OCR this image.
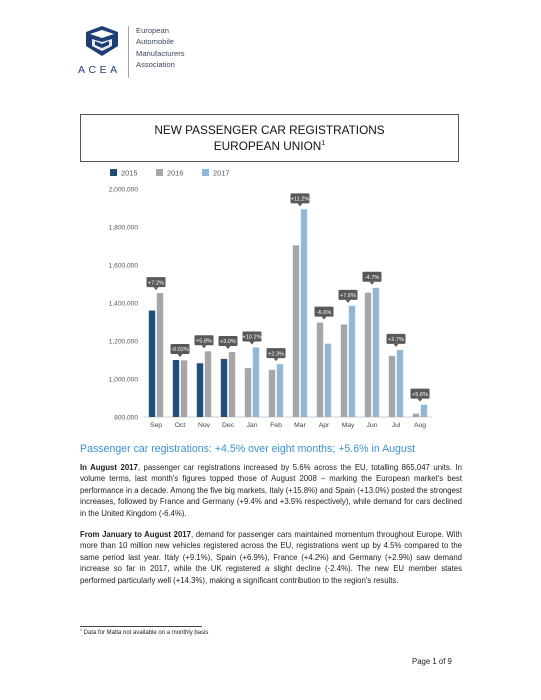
ACEA
European
Automobile
Manufacturers
Association
NEW PASSENGER CAR REGISTRATIONS
EUROPEAN UNION$^1$
2015	2016	2017
800,000
1,000,000
1,200,000
1,400,000
1,600,000
1,800,000
2,000,000
Sep
+7.2%
Oct
-0.02%
Nov
+5.8%
Dec
+3.0%
Jan
+10.2%
Feb
+2.3%
Mar
+11.2%
Apr
-6.6%
May
+7.6%
Jun
-4.7%
Jul
+2.7%
Aug
+5.6%
Passenger car registrations: +4.5% over eight months; +5.6% in August

In August 2017, passenger car registrations increased by 5.6% across the EU, totalling 865,047 units. In volume terms, last month's figures topped those of August 2008 – marking the European market's best performance in a decade. Among the five big markets, Italy (+15.8%) and Spain (+13.0%) posted the strongest increases, followed by France and Germany (+9.4% and +3.5% respectively), while demand for cars declined in the United Kingdom (-6.4%).

From January to August 2017, demand for passenger cars maintained momentum throughout Europe. With more than 10 million new vehicles registered across the EU, registrations went up by 4.5% compared to the same period last year. Italy (+9.1%), Spain (+6.9%), France (+4.2%) and Germany (+2.9%) saw demand increase so far in 2017, while the UK registered a slight decline (-2.4%). The new EU member states performed particularly well (+14.3%), making a significant contribution to the region's results.

$^1$ Data for Malta not available on a monthly basis
Page 1 of 9
